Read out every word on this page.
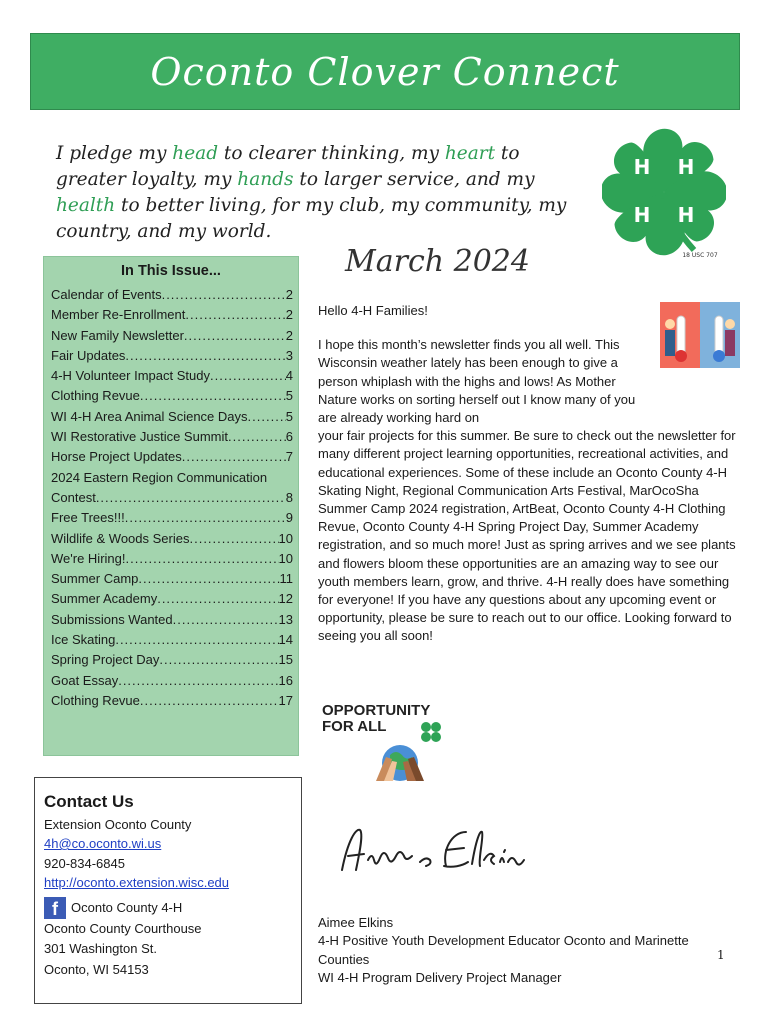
Oconto Clover Connect
I pledge my head to clearer thinking, my heart to greater loyalty, my hands to larger service, and my health to better living, for my club, my community, my country, and my world.
H H
H H
18 USC 707
In This Issue...
Calendar of Events .....	2
Member Re-Enrollment .....	2
New Family Newsletter .....	2
Fair Updates .....	3
4-H Volunteer Impact Study .....	4
Clothing Revue .....	5
WI 4-H Area Animal Science Days .....	5
WI Restorative Justice Summit .....	6
Horse Project Updates .....	7
2024 Eastern Region Communication
Contest .....	8
Free Trees!!! .....	9
Wildlife & Woods Series .....	10
We're Hiring! .....	10
Summer Camp .....	11
Summer Academy .....	12
Submissions Wanted .....	13
Ice Skating .....	14
Spring Project Day .....	15
Goat Essay .....	16
Clothing Revue .....	17
March 2024

Hello 4-H Families!

I hope this month’s newsletter finds you all well. This Wisconsin weather lately has been enough to give a person whiplash with the highs and lows! As Mother Nature works on sorting herself out I know many of you are already working hard on

your fair projects for this summer. Be sure to check out the newsletter for many different project learning opportunities, recreational activities, and educational experiences. Some of these include an Oconto County 4-H Skating Night, Regional Communication Arts Festival, MarOcoSha Summer Camp 2024 registration, ArtBeat, Oconto County 4-H Clothing Revue, Oconto County 4-H Spring Project Day, Summer Academy registration, and so much more! Just as spring arrives and we see plants and flowers bloom these opportunities are an amazing way to see our youth members learn, grow, and thrive. 4-H really does have something for everyone! If you have any questions about any upcoming event or opportunity, please be sure to reach out to our office. Looking forward to seeing you all soon!

OPPORTUNITY
FOR ALL
Contact Us
Extension Oconto County
4h@co.oconto.wi.us
920-834-6845
http://oconto.extension.wisc.edu
f	Oconto County 4-H
Oconto County Courthouse
301 Washington St.
Oconto, WI 54153
Aimee Elkins
4-H Positive Youth Development Educator Oconto and Marinette Counties
WI 4-H Program Delivery Project Manager
1
